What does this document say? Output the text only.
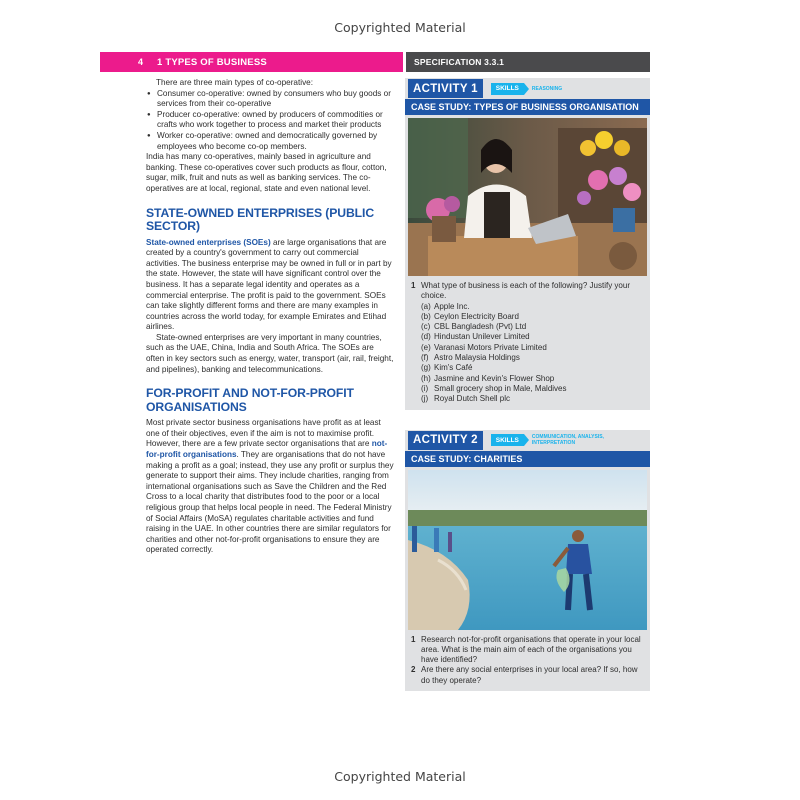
Copyrighted Material
4	1 TYPES OF BUSINESS	SPECIFICATION 3.3.1

There are three main types of co-operative:

● Consumer co-operative: owned by consumers who buy goods or services from their co-operative
● Producer co-operative: owned by producers of commodities or crafts who work together to process and market their products
● Worker co-operative: owned and democratically governed by employees who become co-op members.

India has many co-operatives, mainly based in agriculture and banking. These co-operatives cover such products as flour, cotton, sugar, milk, fruit and nuts as well as banking services. The co-operatives are at local, regional, state and even national level.

STATE-OWNED ENTERPRISES (PUBLIC SECTOR)

State-owned enterprises (SOEs) are large organisations that are created by a country's government to carry out commercial activities. The business enterprise may be owned in full or in part by the state. However, the state will have significant control over the business. It has a separate legal identity and operates as a commercial enterprise. The profit is paid to the government. SOEs can take slightly different forms and there are many examples in countries across the world today, for example Emirates and Etihad airlines.

State-owned enterprises are very important in many countries, such as the UAE, China, India and South Africa. The SOEs are often in key sectors such as energy, water, transport (air, rail, freight, and pipelines), banking and telecommunications.

FOR-PROFIT AND NOT-FOR-PROFIT ORGANISATIONS

Most private sector business organisations have profit as at least one of their objectives, even if the aim is not to maximise profit. However, there are a few private sector organisations that are not-for-profit organisations. They are organisations that do not have making a profit as a goal; instead, they use any profit or surplus they generate to support their aims. They include charities, ranging from international organisations such as Save the Children and the Red Cross to a local charity that distributes food to the poor or a local religious group that helps local people in need. The Federal Ministry of Social Affairs (MoSA) regulates charitable activities and fund raising in the UAE. In other countries there are similar regulators for charities and other not-for-profit organisations to ensure they are operated correctly.

ACTIVITY 1	SKILLS	REASONING
CASE STUDY: TYPES OF BUSINESS ORGANISATION
1 What type of business is each of the following? Justify your choice.
(a) Apple Inc.
(b) Ceylon Electricity Board
(c) CBL Bangladesh (Pvt) Ltd
(d) Hindustan Unilever Limited
(e) Varanasi Motors Private Limited
(f) Astro Malaysia Holdings
(g) Kim's Café
(h) Jasmine and Kevin's Flower Shop
(i) Small grocery shop in Male, Maldives
(j) Royal Dutch Shell plc
ACTIVITY 2	SKILLS	COMMUNICATION, ANALYSIS, INTERPRETATION
CASE STUDY: CHARITIES
1 Research not-for-profit organisations that operate in your local area. What is the main aim of each of the organisations you have identified?
2 Are there any social enterprises in your local area? If so, how do they operate?
Copyrighted Material
